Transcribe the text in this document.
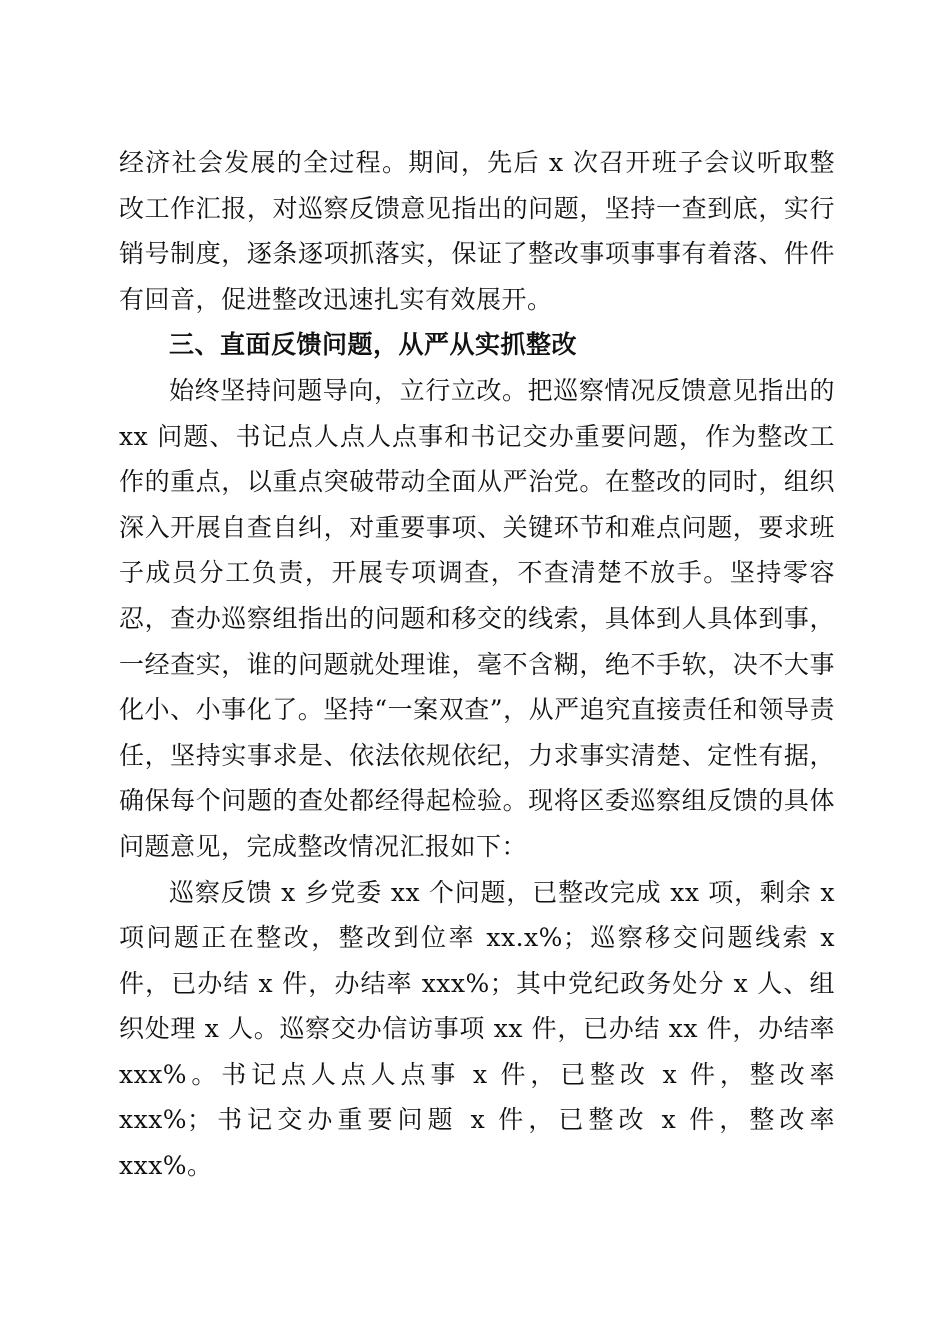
经济社会发展的全过程。期间，先后 x 次召开班子会议听取整改工作汇报，对巡察反馈意见指出的问题，坚持一查到底，实行销号制度，逐条逐项抓落实，保证了整改事项事事有着落、件件有回音，促进整改迅速扎实有效展开。

三、直面反馈问题，从严从实抓整改

始终坚持问题导向，立行立改。把巡察情况反馈意见指出的 xx 问题、书记点人点人点事和书记交办重要问题，作为整改工作的重点，以重点突破带动全面从严治党。在整改的同时，组织深入开展自查自纠，对重要事项、关键环节和难点问题，要求班子成员分工负责，开展专项调查，不查清楚不放手。坚持零容忍，查办巡察组指出的问题和移交的线索，具体到人具体到事，一经查实，谁的问题就处理谁，毫不含糊，绝不手软，决不大事化小、小事化了。坚持“一案双查”，从严追究直接责任和领导责任，坚持实事求是、依法依规依纪，力求事实清楚、定性有据，确保每个问题的查处都经得起检验。现将区委巡察组反馈的具体问题意见，完成整改情况汇报如下：

巡察反馈 x 乡党委 xx 个问题，已整改完成 xx 项，剩余 x 项问题正在整改，整改到位率 xx.x%；巡察移交问题线索 x 件，已办结 x 件，办结率 xxx%；其中党纪政务处分 x 人、组织处理 x 人。巡察交办信访事项 xx 件，已办结 xx 件，办结率 xxx%。书记点人点人点事 x 件，已整改 x 件，整改率 xxx%；书记交办重要问题 x 件，已整改 x 件，整改率 xxx%。
